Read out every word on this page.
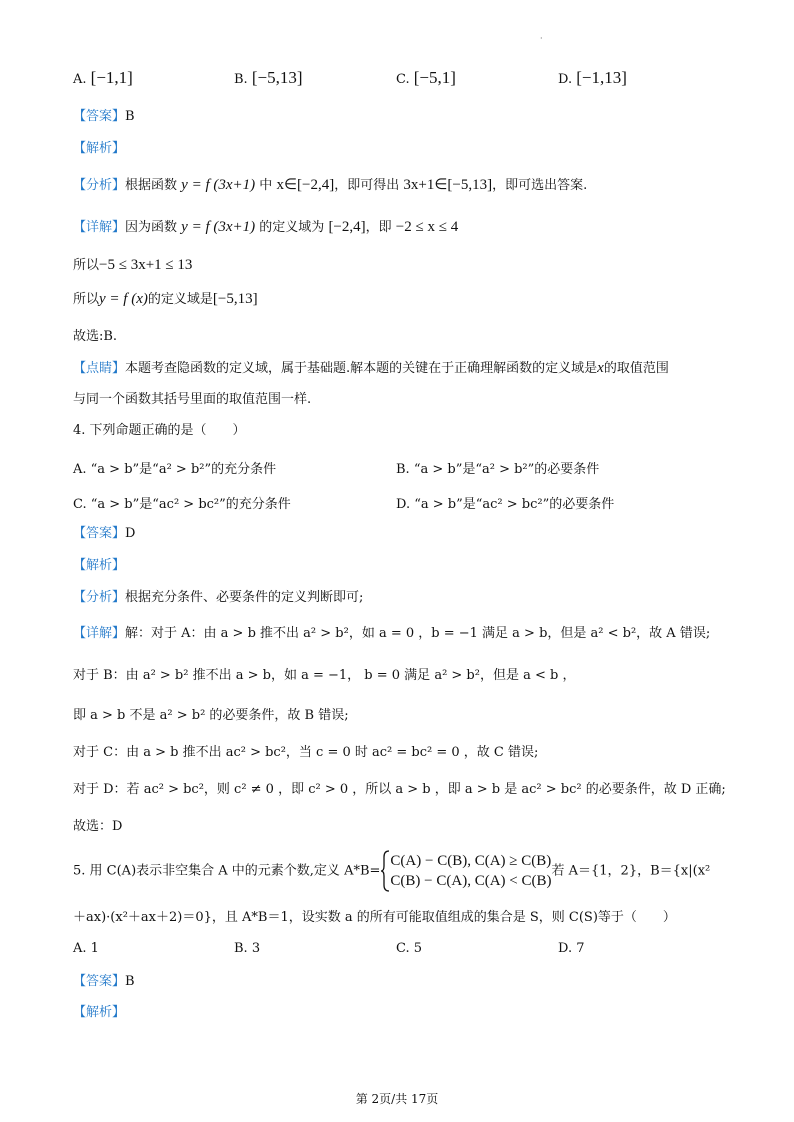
·
A. [−1,1]	B. [−5,13]	C. [−5,1]	D. [−1,13]
【答案】B
【解析】
【分析】根据函数 y = f (3x+1) 中 x∈[−2,4]，即可得出 3x+1∈[−5,13]，即可选出答案.
【详解】因为函数 y = f (3x+1) 的定义域为 [−2,4]，即 −2 ≤ x ≤ 4
所以−5 ≤ 3x+1 ≤ 13
所以y = f (x)的定义域是[−5,13]
故选:B.
【点睛】本题考查隐函数的定义域，属于基础题.解本题的关键在于正确理解函数的定义域是x的取值范围
与同一个函数其括号里面的取值范围一样.
4. 下列命题正确的是（　　）
A. “a > b”是“a² > b²”的充分条件	B. “a > b”是“a² > b²”的必要条件
C. “a > b”是“ac² > bc²”的充分条件	D. “a > b”是“ac² > bc²”的必要条件
【答案】D
【解析】
【分析】根据充分条件、必要条件的定义判断即可;
【详解】解：对于 A：由 a > b 推不出 a² > b²，如 a = 0 ，b = −1 满足 a > b，但是 a² < b²，故 A 错误;
对于 B：由 a² > b² 推不出 a > b，如 a = −1， b = 0 满足 a² > b²，但是 a < b ，
即 a > b 不是 a² > b² 的必要条件，故 B 错误;
对于 C：由 a > b 推不出 ac² > bc²，当 c = 0 时 ac² = bc² = 0 ，故 C 错误;
对于 D：若 ac² > bc²，则 c² ≠ 0 ，即 c² > 0 ，所以 a > b ，即 a > b 是 ac² > bc² 的必要条件，故 D 正确;
故选：D
5. 用 C(A)表示非空集合 A 中的元素个数,定义 A*B=
C(A) − C(B), C(A) ≥ C(B)
C(B) − C(A), C(A) < C(B)
若 A＝{1，2}，B＝{x|(x²
＋ax)·(x²＋ax＋2)＝0}，且 A*B＝1，设实数 a 的所有可能取值组成的集合是 S，则 C(S)等于（　　）
A. 1	B. 3	C. 5	D. 7
【答案】B
【解析】
第 2页/共 17页
